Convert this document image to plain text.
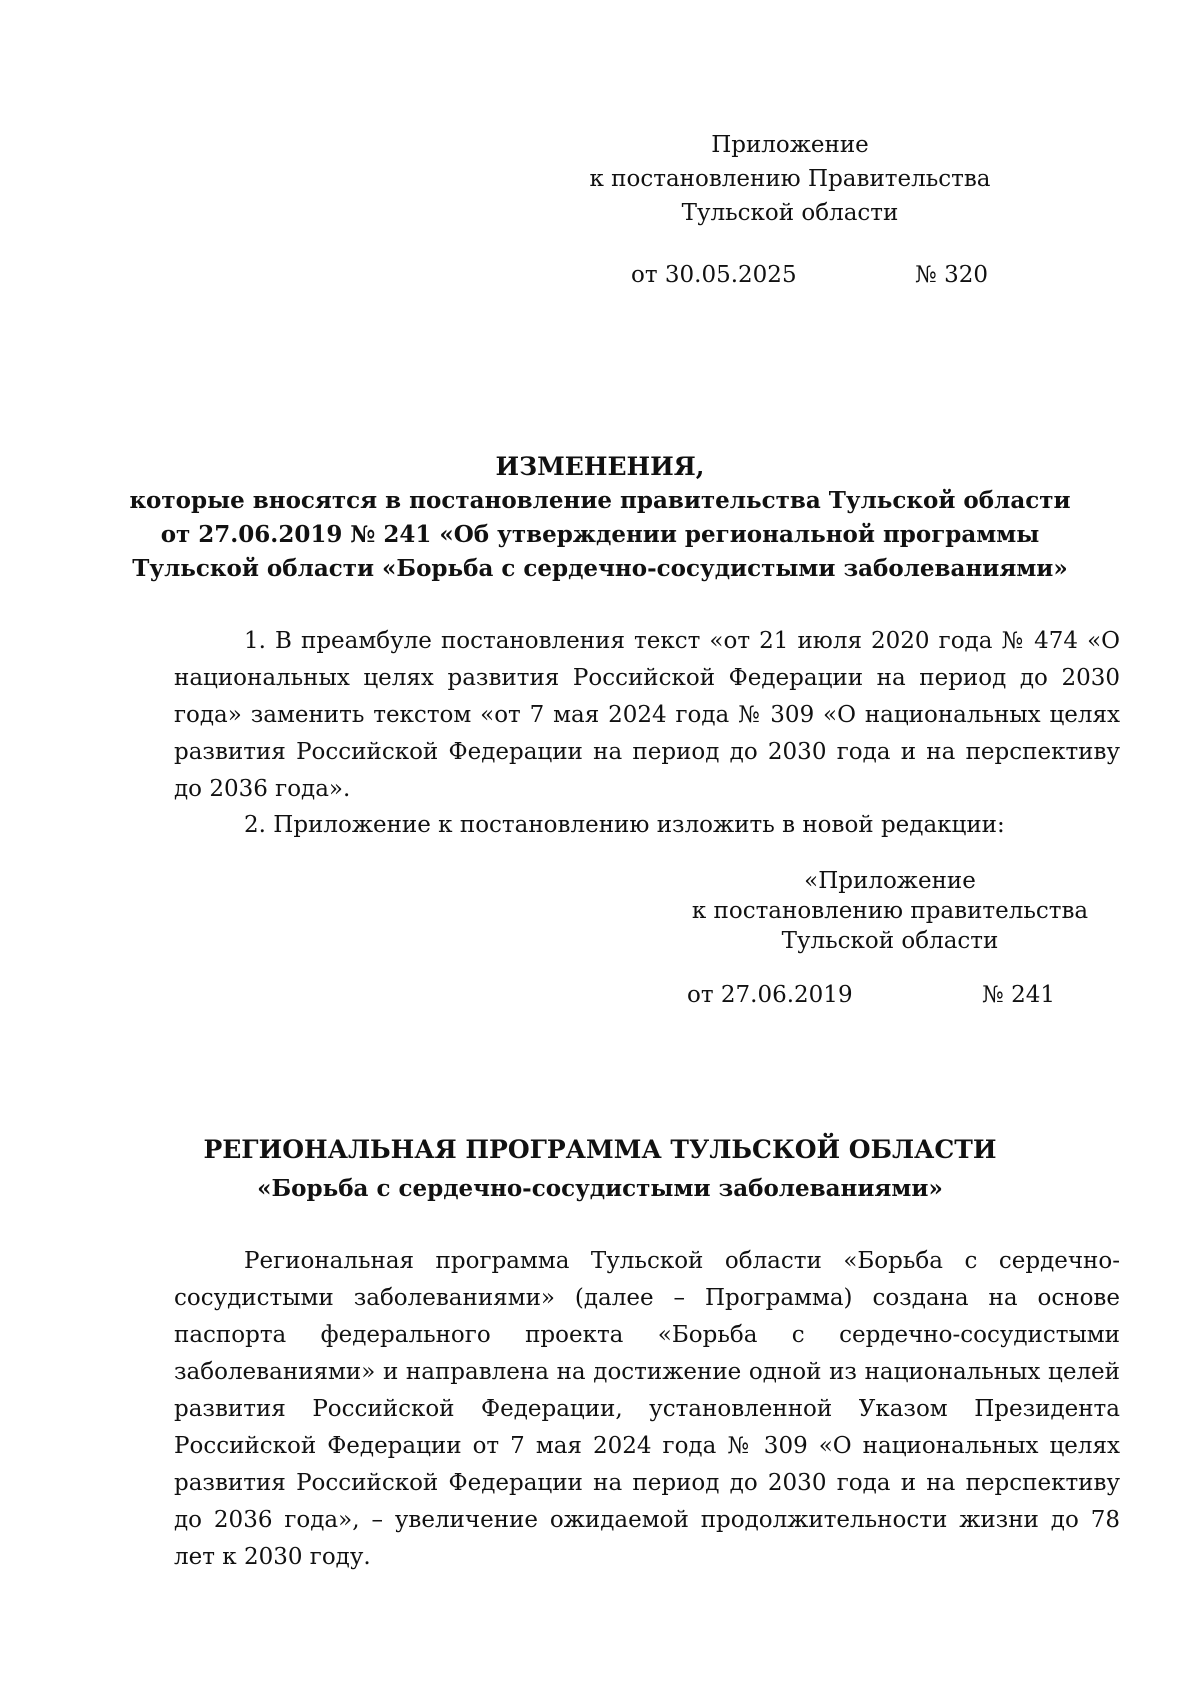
Приложение
к постановлению Правительства
Тульской области
от 30.05.2025	№ 320
ИЗМЕНЕНИЯ,
которые вносятся в постановление правительства Тульской области
от 27.06.2019 № 241 «Об утверждении региональной программы
Тульской области «Борьба с сердечно-сосудистыми заболеваниями»
1. В преамбуле постановления текст «от 21 июля 2020 года № 474 «О национальных целях развития Российской Федерации на период до 2030 года» заменить текстом «от 7 мая 2024 года № 309 «О национальных целях развития Российской Федерации на период до 2030 года и на перспективу до 2036 года».
2. Приложение к постановлению изложить в новой редакции:
«Приложение
к постановлению правительства
Тульской области
от 27.06.2019	№ 241
РЕГИОНАЛЬНАЯ ПРОГРАММА ТУЛЬСКОЙ ОБЛАСТИ
«Борьба с сердечно-сосудистыми заболеваниями»
Региональная программа Тульской области «Борьба с сердечно-сосудистыми заболеваниями» (далее – Программа) создана на основе паспорта федерального проекта «Борьба с сердечно-сосудистыми заболеваниями» и направлена на достижение одной из национальных целей развития Российской Федерации, установленной Указом Президента Российской Федерации от 7 мая 2024 года № 309 «О национальных целях развития Российской Федерации на период до 2030 года и на перспективу до 2036 года», – увеличение ожидаемой продолжительности жизни до 78 лет к 2030 году.
